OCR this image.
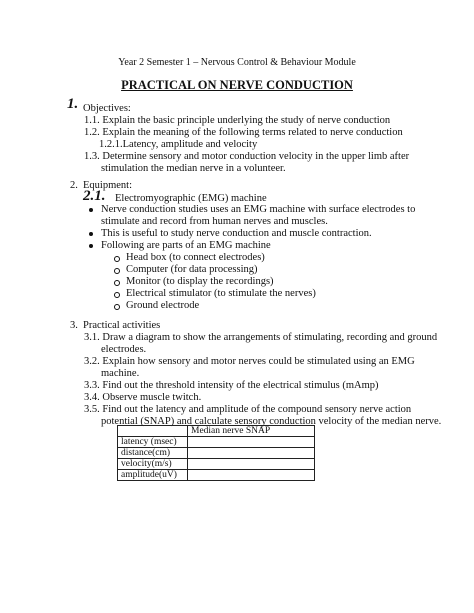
Year 2 Semester 1 – Nervous Control & Behaviour Module
PRACTICAL ON NERVE CONDUCTION
1. Objectives:
1.1. Explain the basic principle underlying the study of nerve conduction
1.2. Explain the meaning of the following terms related to nerve conduction
1.2.1.Latency, amplitude and velocity
1.3. Determine sensory and motor conduction velocity in the upper limb after
stimulation the median nerve in a volunteer.
2. Equipment:
2.1. Electromyographic (EMG) machine
Nerve conduction studies uses an EMG machine with surface electrodes to
stimulate and record from human nerves and muscles.
This is useful to study nerve conduction and muscle contraction.
Following are parts of an EMG machine
Head box (to connect electrodes)
Computer (for data processing)
Monitor (to display the recordings)
Electrical stimulator (to stimulate the nerves)
Ground electrode
3. Practical activities
3.1. Draw a diagram to show the arrangements of stimulating, recording and ground
electrodes.
3.2. Explain how sensory and motor nerves could be stimulated using an EMG
machine.
3.3. Find out the threshold intensity of the electrical stimulus (mAmp)
3.4. Observe muscle twitch.
3.5. Find out the latency and amplitude of the compound sensory nerve action
potential (SNAP) and calculate sensory conduction velocity of the median nerve.
	Median nerve SNAP
latency (msec)	
distance(cm)	
velocity(m/s)	
amplitude(uV)	
